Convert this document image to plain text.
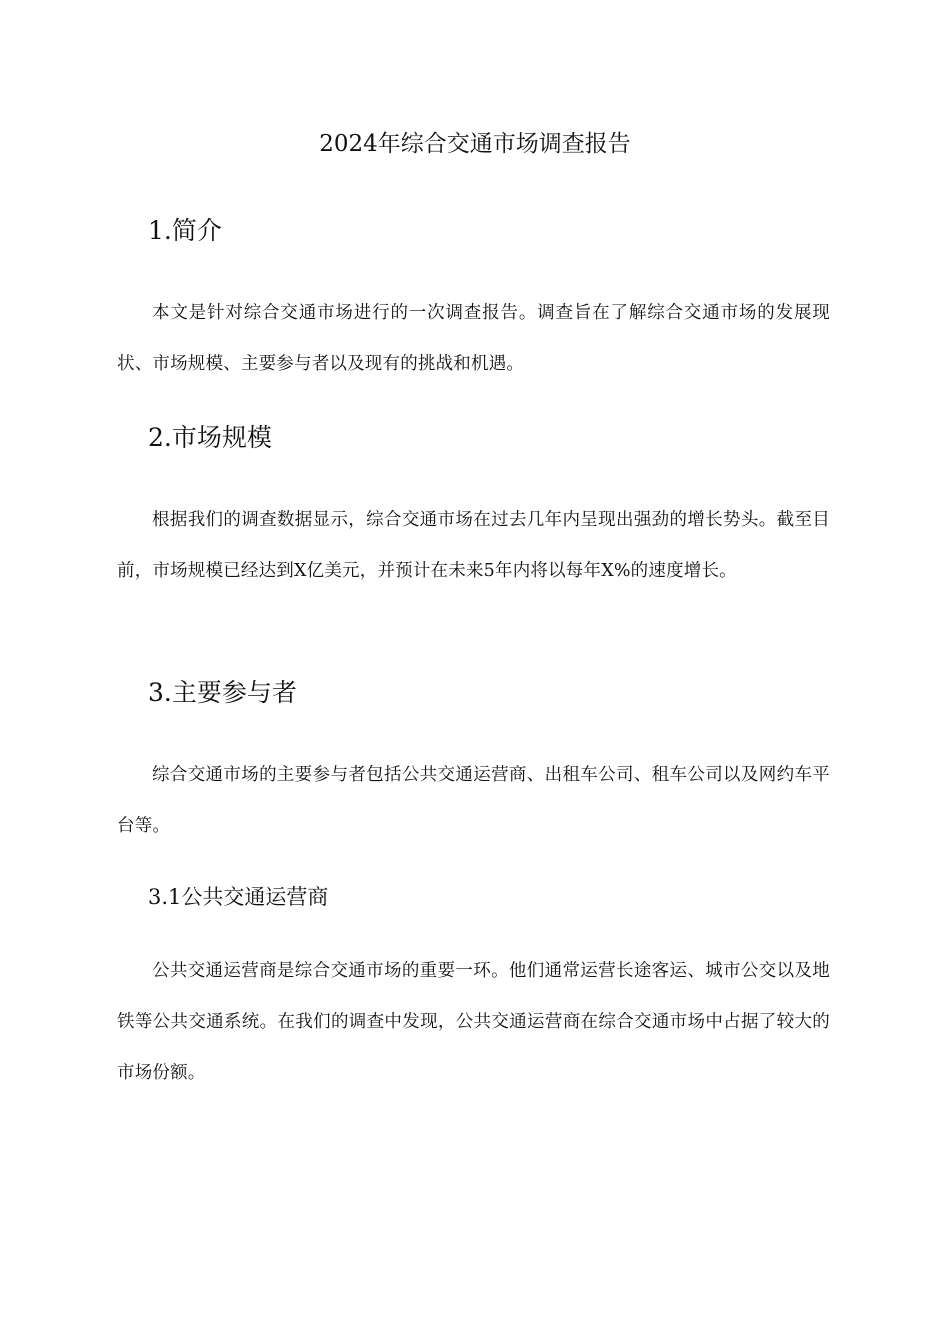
2024年综合交通市场调查报告
1.简介

本文是针对综合交通市场进行的一次调查报告。调查旨在了解综合交通市场的发展现状、市场规模、主要参与者以及现有的挑战和机遇。

2.市场规模

根据我们的调查数据显示，综合交通市场在过去几年内呈现出强劲的增长势头。截至目前，市场规模已经达到X亿美元，并预计在未来5年内将以每年X%的速度增长。

3.主要参与者

综合交通市场的主要参与者包括公共交通运营商、出租车公司、租车公司以及网约车平台等。

3.1公共交通运营商

公共交通运营商是综合交通市场的重要一环。他们通常运营长途客运、城市公交以及地铁等公共交通系统。在我们的调查中发现，公共交通运营商在综合交通市场中占据了较大的市场份额。
